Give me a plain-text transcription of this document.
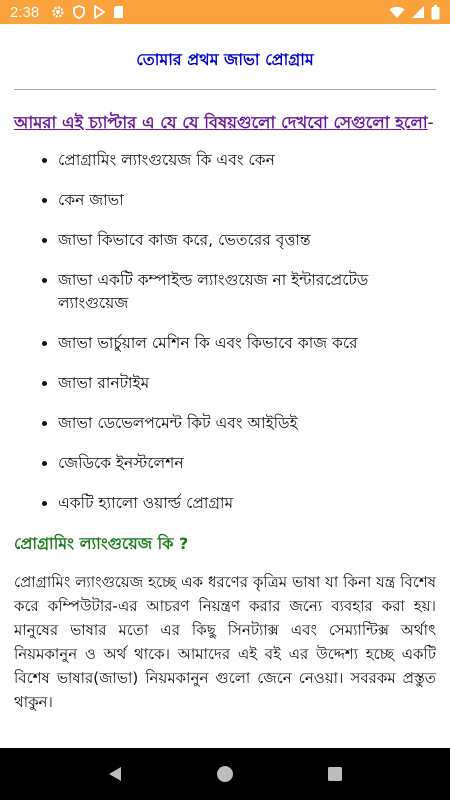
2:38
তোমার প্রথম জাভা প্রোগ্রাম
আমরা এই চ্যাপ্টার এ যে যে বিষয়গুলো দেখবো সেগুলো হলো-
প্রোগ্রামিং ল্যাংগুয়েজ কি এবং কেন
কেন জাভা
জাভা কিভাবে কাজ করে, ভেতরের বৃত্তান্ত
জাভা একটি কম্পাইল্ড ল্যাংগুয়েজ না ইন্টারপ্রেটেড ল্যাংগুয়েজ
জাভা ভার্চুয়াল মেশিন কি এবং কিভাবে কাজ করে
জাভা রানটাইম
জাভা ডেভেলপমেন্ট কিট এবং আইডিই
জেডিকে ইনস্টলেশন
একটি হ্যালো ওয়ার্ল্ড প্রোগ্রাম
প্রোগ্রামিং ল্যাংগুয়েজ কি ?

প্রোগ্রামিং ল্যাংগুয়েজ হচ্ছে এক ধরণের কৃত্রিম ভাষা যা কিনা যন্ত্র বিশেষ করে কম্পিউটার-এর আচরণ নিয়ন্ত্রণ করার জন্যে ব্যবহার করা হয়। মানুষের ভাষার মতো এর কিছু সিনট্যাক্স এবং সেম্যান্টিক্স অর্থাৎ নিয়মকানুন ও অর্থ থাকে। আমাদের এই বই এর উদ্দেশ্য হচ্ছে একটি বিশেষ ভাষার(জাভা) নিয়মকানুন গুলো জেনে নেওয়া। সবরকম প্রস্তুত থাকুন।
